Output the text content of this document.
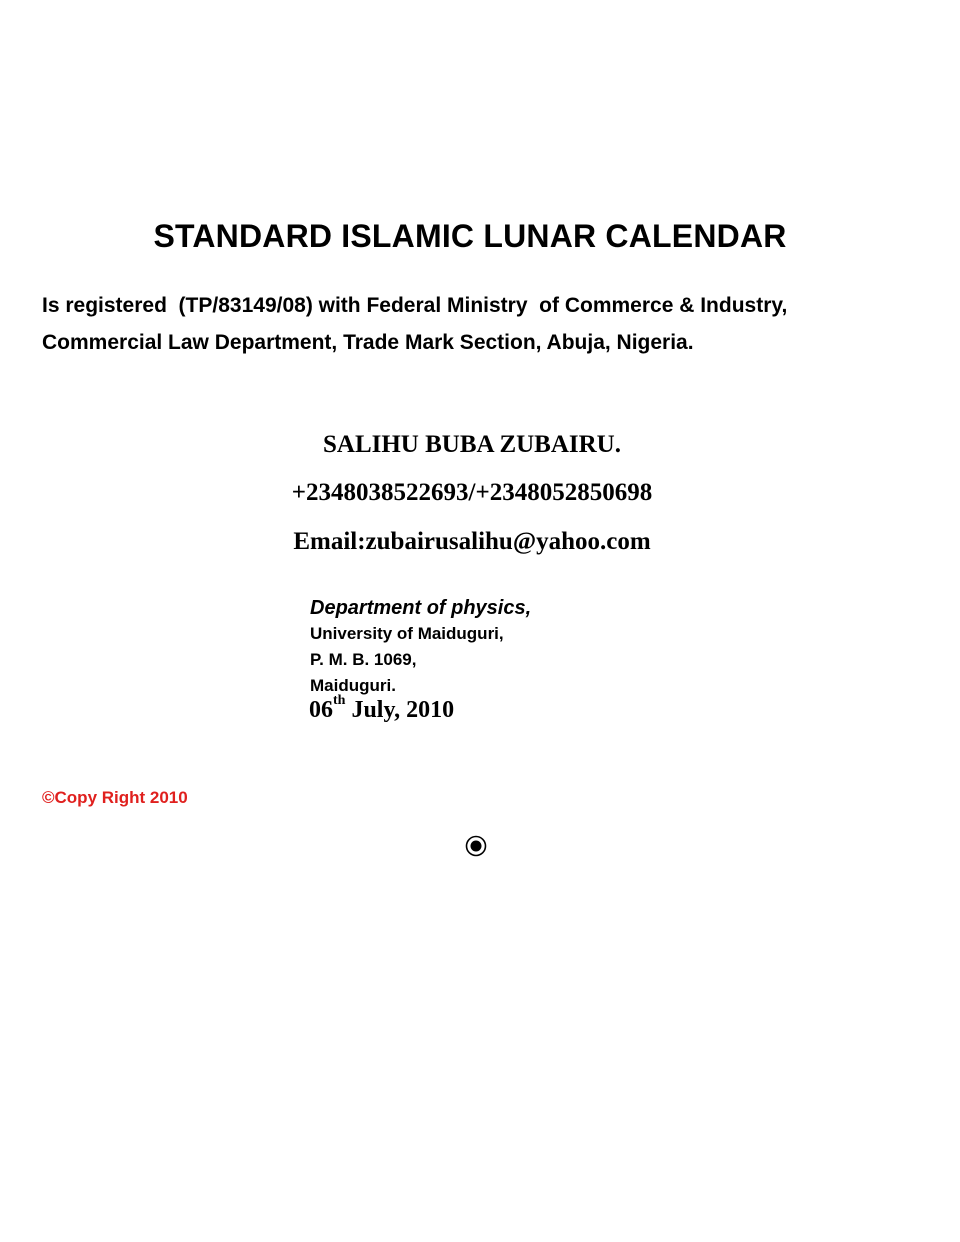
STANDARD ISLAMIC LUNAR CALENDAR
Is registered  (TP/83149/08) with Federal Ministry  of Commerce & Industry,
Commercial Law Department, Trade Mark Section, Abuja, Nigeria.
SALIHU BUBA ZUBAIRU.
+2348038522693/+2348052850698
Email:zubairusalihu@yahoo.com
Department of physics,
University of Maiduguri,
P. M. B. 1069,
Maiduguri.
06th July, 2010
©Copy Right 2010
